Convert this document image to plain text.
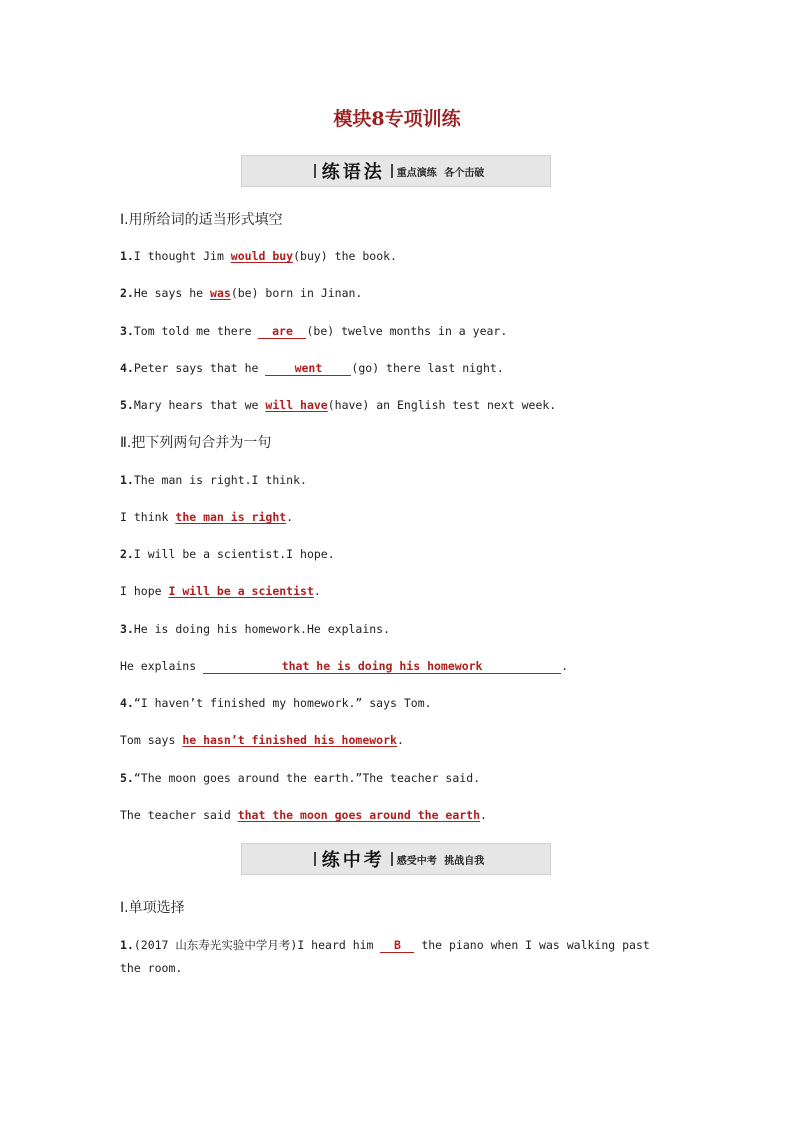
模块8专项训练
练语法 重点演练 各个击破
Ⅰ.用所给词的适当形式填空
1.I thought Jim would buy(buy) the book.
2.He says he was(be) born in Jinan.
3.Tom told me there are (be) twelve months in a year.
4.Peter says that he	went	(go) there last night.
5.Mary hears that we will have(have) an English test next week.
Ⅱ.把下列两句合并为一句
1.The man is right.I think.
I think the man is right.
2.I will be a scientist.I hope.
I hope I will be a scientist.
3.He is doing his homework.He explains.
He explains	that he is doing his homework	.
4.“I haven’t finished my homework.” says Tom.
Tom says he hasn’t finished his homework.
5.“The moon goes around the earth.”The teacher said.
The teacher said that the moon goes around the earth.
练中考 感受中考 挑战自我
Ⅰ.单项选择
1.(2017 山东寿光实验中学月考)I heard him B the piano when I was walking past
the room.
